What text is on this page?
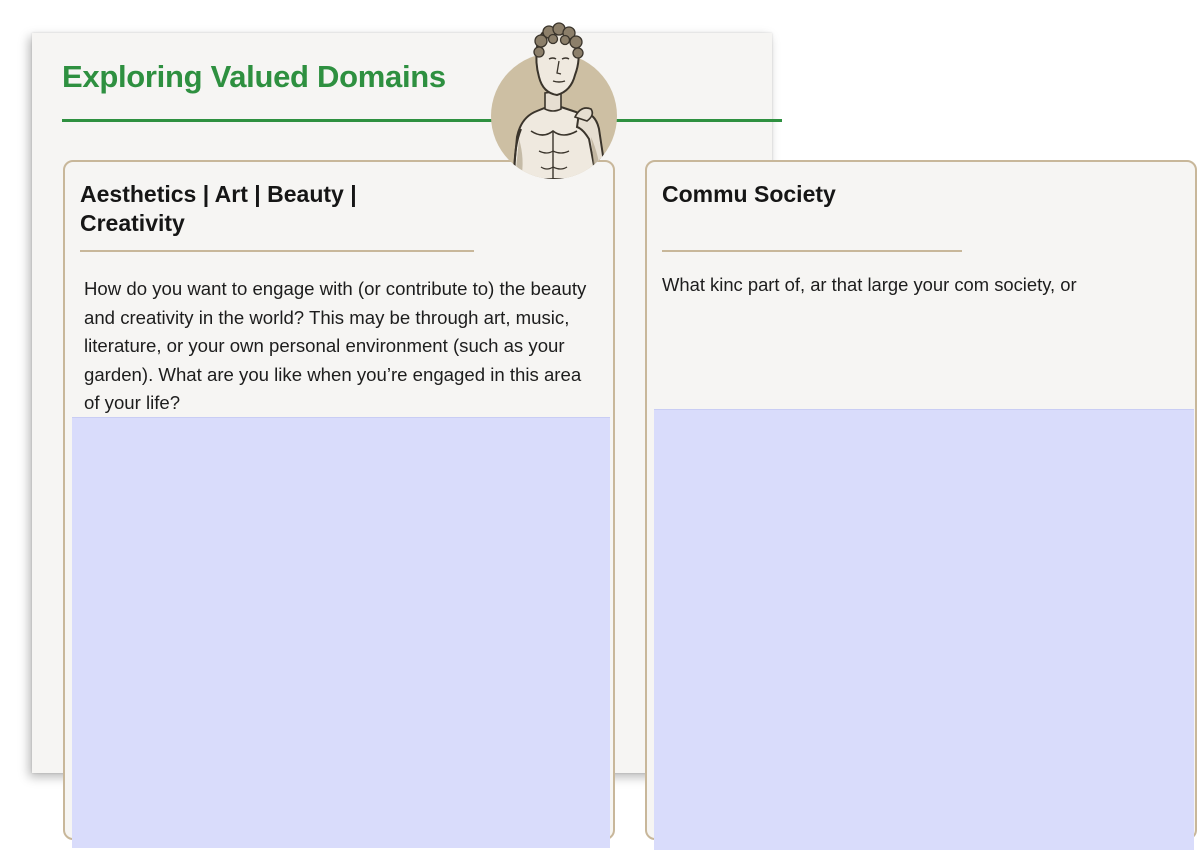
Exploring Valued Domains
Aesthetics | Art | Beauty | Creativity

How do you want to engage with (or contribute to) the beauty and creativity in the world? This may be through art, music, literature, or your own personal environment (such as your garden). What are you like when you’re engaged in this area of your life?

Commu Society

What kinc part of, ar that large your com society, or
